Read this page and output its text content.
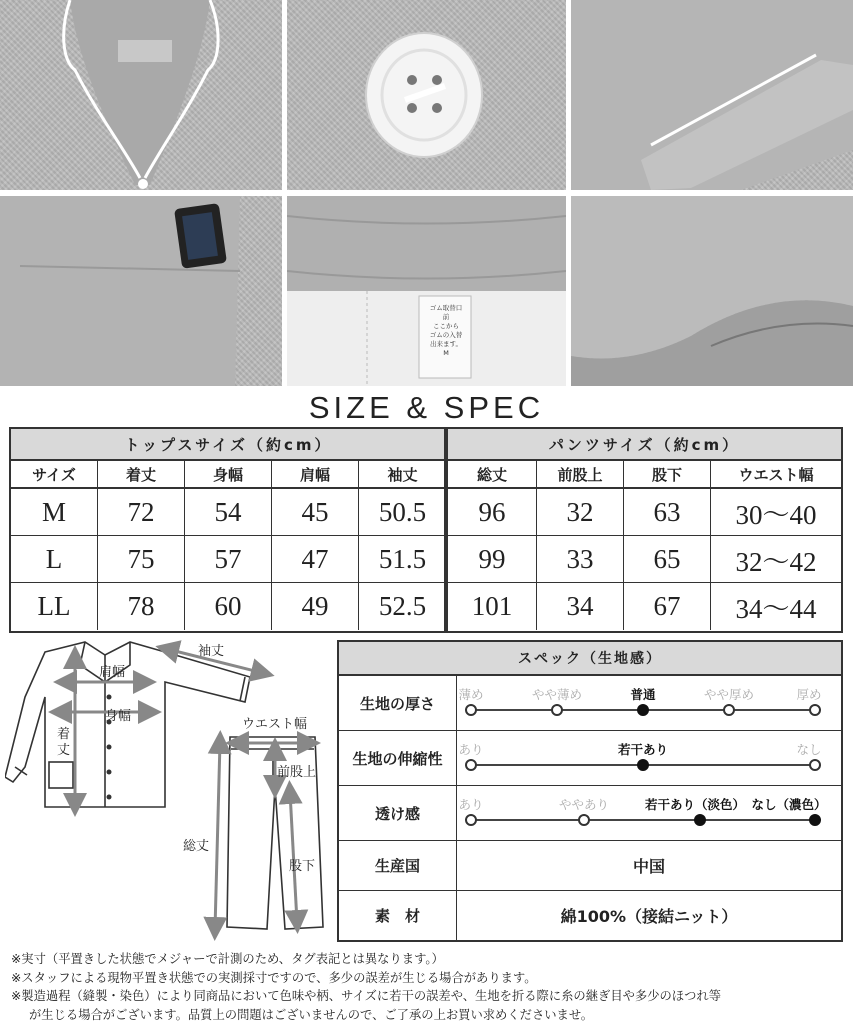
ゴム取替口
前
ここから
ゴムの入替
出来ます。
M
SIZE & SPEC
トップスサイズ（約cm）
サイズ	着丈	身幅	肩幅	袖丈
M	72	54	45	50.5
L	75	57	47	51.5
LL	78	60	49	52.5
パンツサイズ（約cm）
総丈	前股上	股下	ウエスト幅
96	32	63	30～40
99	33	65	32～42
101	34	67	34～44
袖丈
肩幅
身幅
着
丈
ウエスト幅
前股上
総丈
股下
スペック（生地感）
生地の厚さ	薄め	やや薄め	普通	やや厚め	厚め
生地の伸縮性	あり	若干あり	なし
透け感	あり	ややあり	若干あり（淡色） なし（濃色）
生産国	中国
素　材	綿100%（接結ニット）

※実寸（平置きした状態でメジャーで計測のため、タグ表記とは異なります。）

※スタッフによる現物平置き状態での実測採寸ですので、多少の誤差が生じる場合があります。

※製造過程（縫製・染色）により同商品において色味や柄、サイズに若干の誤差や、生地を折る際に糸の継ぎ目や多少のほつれ等

が生じる場合がございます。品質上の問題はございませんので、ご了承の上お買い求めくださいませ。
